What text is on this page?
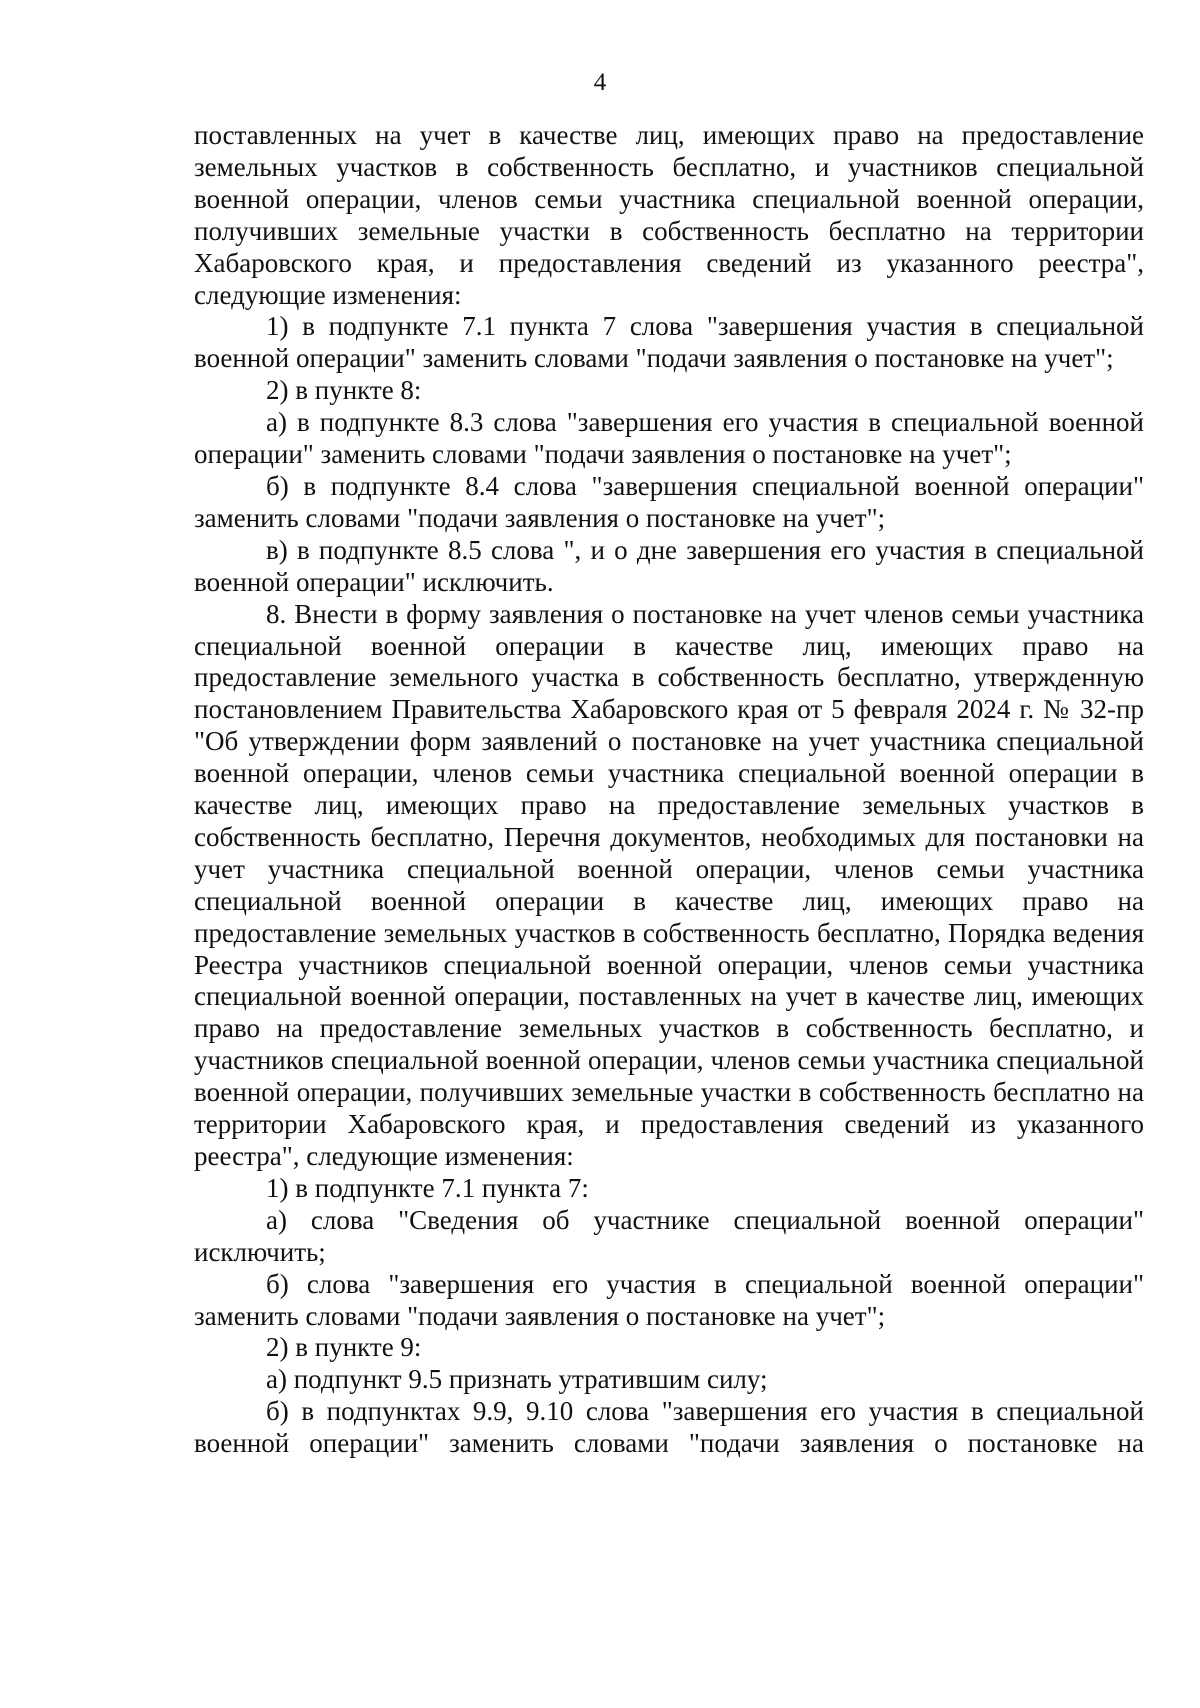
4

поставленных на учет в качестве лиц, имеющих право на предоставление земельных участков в собственность бесплатно, и участников специальной военной операции, членов семьи участника специальной военной операции, получивших земельные участки в собственность бесплатно на территории Хабаровского края, и предоставления сведений из указанного реестра", следующие изменения:

1) в подпункте 7.1 пункта 7 слова "завершения участия в специальной военной операции" заменить словами "подачи заявления о постановке на учет";

2) в пункте 8:

а) в подпункте 8.3 слова "завершения его участия в специальной военной операции" заменить словами "подачи заявления о постановке на учет";

б) в подпункте 8.4 слова "завершения специальной военной операции" заменить словами "подачи заявления о постановке на учет";

в) в подпункте 8.5 слова ", и о дне завершения его участия в специальной военной операции" исключить.

8. Внести в форму заявления о постановке на учет членов семьи участника специальной военной операции в качестве лиц, имеющих право на предоставление земельного участка в собственность бесплатно, утвержденную постановлением Правительства Хабаровского края от 5 февраля 2024 г. № 32-пр "Об утверждении форм заявлений о постановке на учет участника специальной военной операции, членов семьи участника специальной военной операции в качестве лиц, имеющих право на предоставление земельных участков в собственность бесплатно, Перечня документов, необходимых для постановки на учет участника специальной военной операции, членов семьи участника специальной военной операции в качестве лиц, имеющих право на предоставление земельных участков в собственность бесплатно, Порядка ведения Реестра участников специальной военной операции, членов семьи участника специальной военной операции, поставленных на учет в качестве лиц, имеющих право на предоставление земельных участков в собственность бесплатно, и участников специальной военной операции, членов семьи участника специальной военной операции, получивших земельные участки в собственность бесплатно на территории Хабаровского края, и предоставления сведений из указанного реестра", следующие изменения:

1) в подпункте 7.1 пункта 7:

а) слова "Сведения об участнике специальной военной операции" исключить;

б) слова "завершения его участия в специальной военной операции" заменить словами "подачи заявления о постановке на учет";

2) в пункте 9:

а) подпункт 9.5 признать утратившим силу;

б) в подпунктах 9.9, 9.10 слова "завершения его участия в специальной военной операции" заменить словами "подачи заявления о постановке на
